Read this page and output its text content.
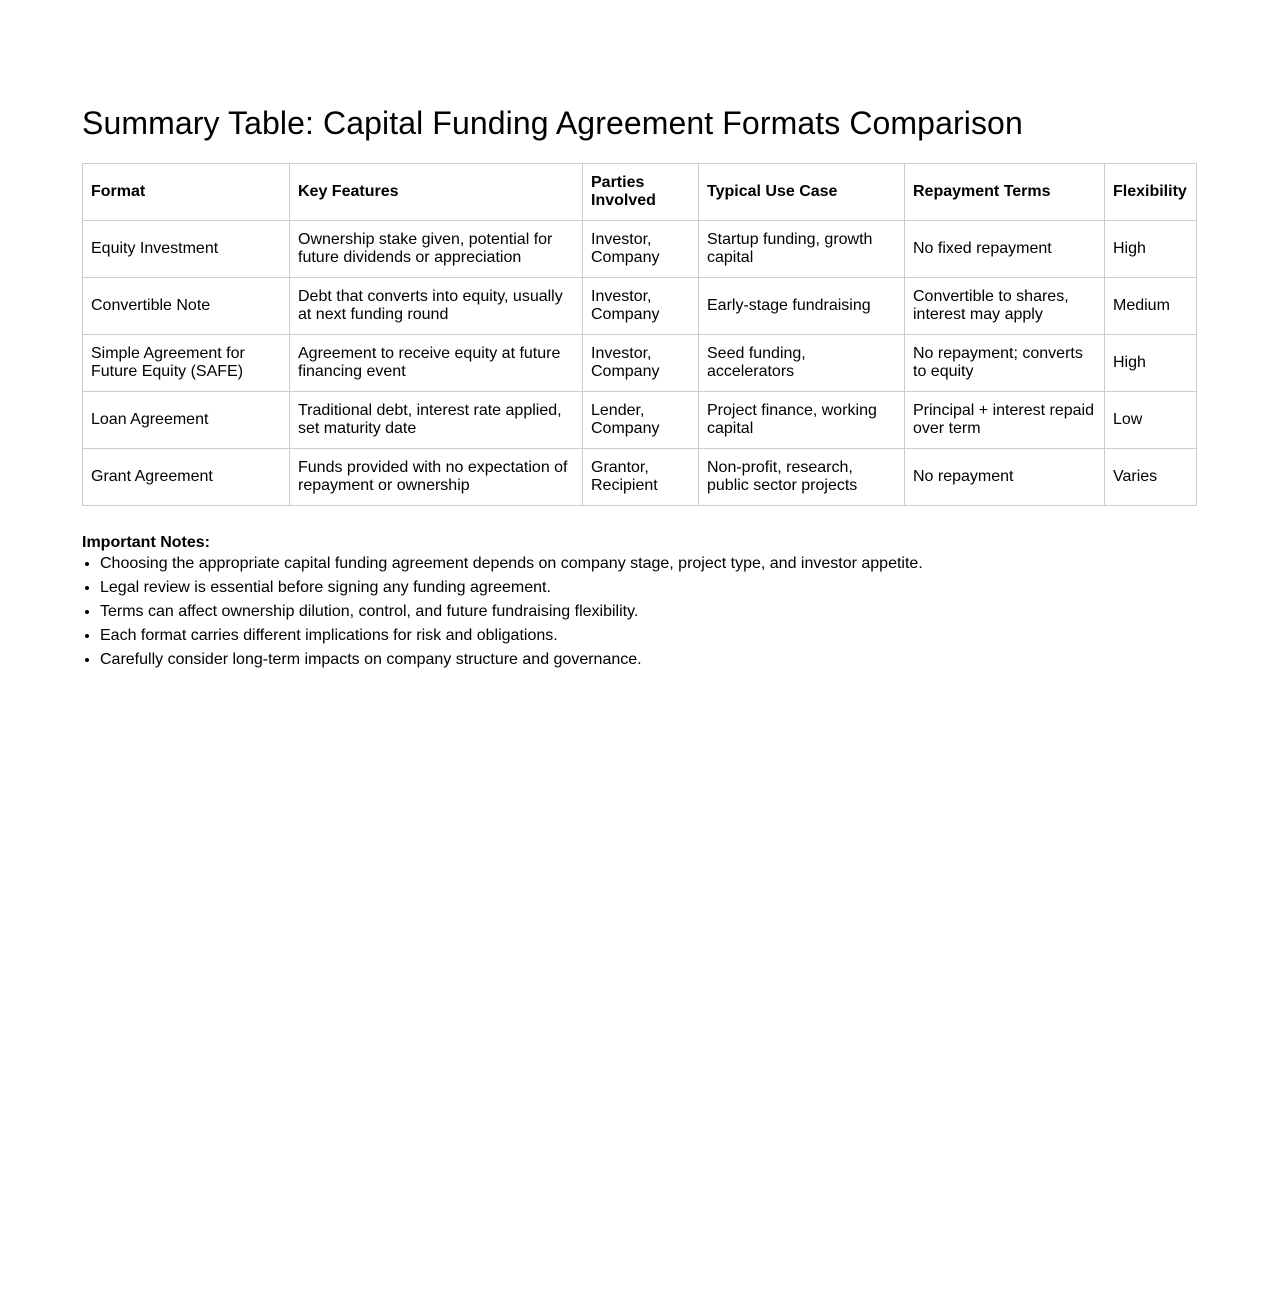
Summary Table: Capital Funding Agreement Formats Comparison
Format	Key Features	Parties Involved	Typical Use Case	Repayment Terms	Flexibility
Equity Investment	Ownership stake given, potential for future dividends or appreciation	Investor, Company	Startup funding, growth capital	No fixed repayment	High
Convertible Note	Debt that converts into equity, usually at next funding round	Investor, Company	Early-stage fundraising	Convertible to shares, interest may apply	Medium
Simple Agreement for Future Equity (SAFE)	Agreement to receive equity at future financing event	Investor, Company	Seed funding, accelerators	No repayment; converts to equity	High
Loan Agreement	Traditional debt, interest rate applied, set maturity date	Lender, Company	Project finance, working capital	Principal + interest repaid over term	Low
Grant Agreement	Funds provided with no expectation of repayment or ownership	Grantor, Recipient	Non-profit, research, public sector projects	No repayment	Varies

Important Notes:

• Choosing the appropriate capital funding agreement depends on company stage, project type, and investor appetite.
• Legal review is essential before signing any funding agreement.
• Terms can affect ownership dilution, control, and future fundraising flexibility.
• Each format carries different implications for risk and obligations.
• Carefully consider long-term impacts on company structure and governance.
